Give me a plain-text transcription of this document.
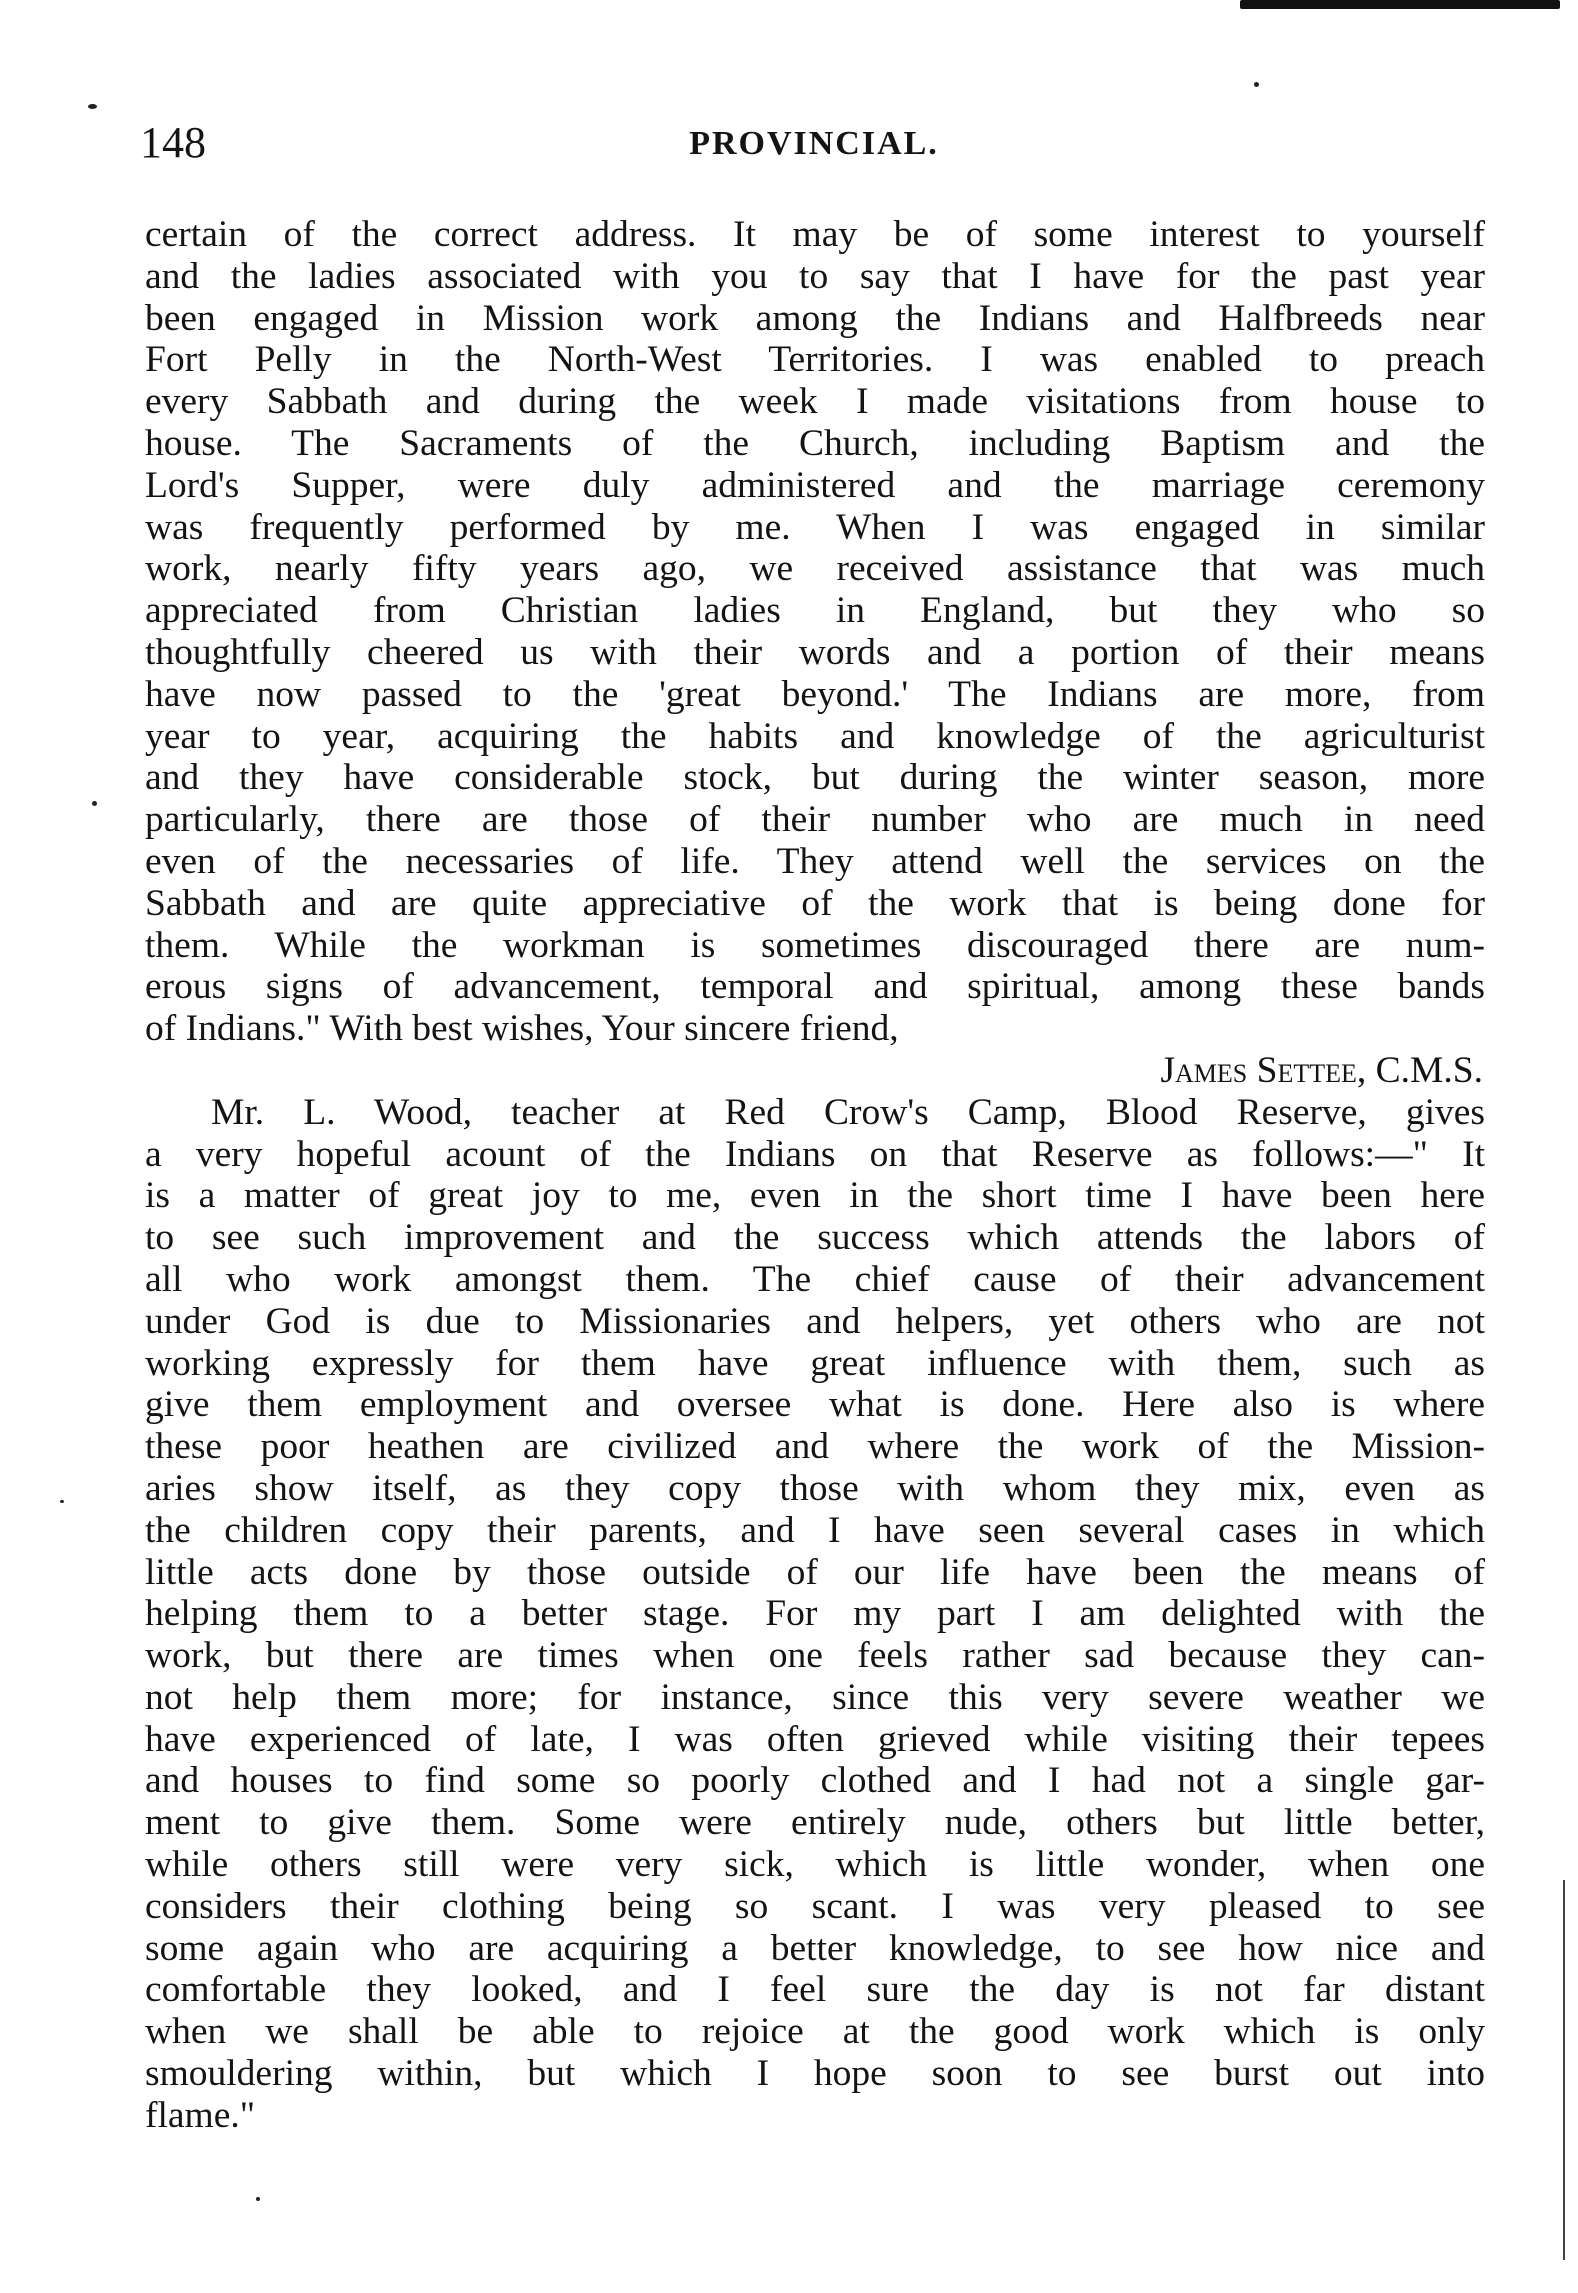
148	PROVINCIAL.
certain of the correct address. It may be of some interest to yourself
and the ladies associated with you to say that I have for the past year
been engaged in Mission work among the Indians and Halfbreeds near
Fort Pelly in the North-West Territories. I was enabled to preach
every Sabbath and during the week I made visitations from house to
house. The Sacraments of the Church, including Baptism and the
Lord's Supper, were duly administered and the marriage ceremony
was frequently performed by me. When I was engaged in similar
work, nearly fifty years ago, we received assistance that was much
appreciated from Christian ladies in England, but they who so
thoughtfully cheered us with their words and a portion of their means
have now passed to the 'great beyond.' The Indians are more, from
year to year, acquiring the habits and knowledge of the agriculturist
and they have considerable stock, but during the winter season, more
particularly, there are those of their number who are much in need
even of the necessaries of life. They attend well the services on the
Sabbath and are quite appreciative of the work that is being done for
them. While the workman is sometimes discouraged there are num-
erous signs of advancement, temporal and spiritual, among these bands
of Indians." With best wishes, Your sincere friend,
James Settee, C.M.S.
Mr. L. Wood, teacher at Red Crow's Camp, Blood Reserve, gives
a very hopeful acount of the Indians on that Reserve as follows:—" It
is a matter of great joy to me, even in the short time I have been here
to see such improvement and the success which attends the labors of
all who work amongst them. The chief cause of their advancement
under God is due to Missionaries and helpers, yet others who are not
working expressly for them have great influence with them, such as
give them employment and oversee what is done. Here also is where
these poor heathen are civilized and where the work of the Mission-
aries show itself, as they copy those with whom they mix, even as
the children copy their parents, and I have seen several cases in which
little acts done by those outside of our life have been the means of
helping them to a better stage. For my part I am delighted with the
work, but there are times when one feels rather sad because they can-
not help them more; for instance, since this very severe weather we
have experienced of late, I was often grieved while visiting their tepees
and houses to find some so poorly clothed and I had not a single gar-
ment to give them. Some were entirely nude, others but little better,
while others still were very sick, which is little wonder, when one
considers their clothing being so scant. I was very pleased to see
some again who are acquiring a better knowledge, to see how nice and
comfortable they looked, and I feel sure the day is not far distant
when we shall be able to rejoice at the good work which is only
smouldering within, but which I hope soon to see burst out into
flame."
